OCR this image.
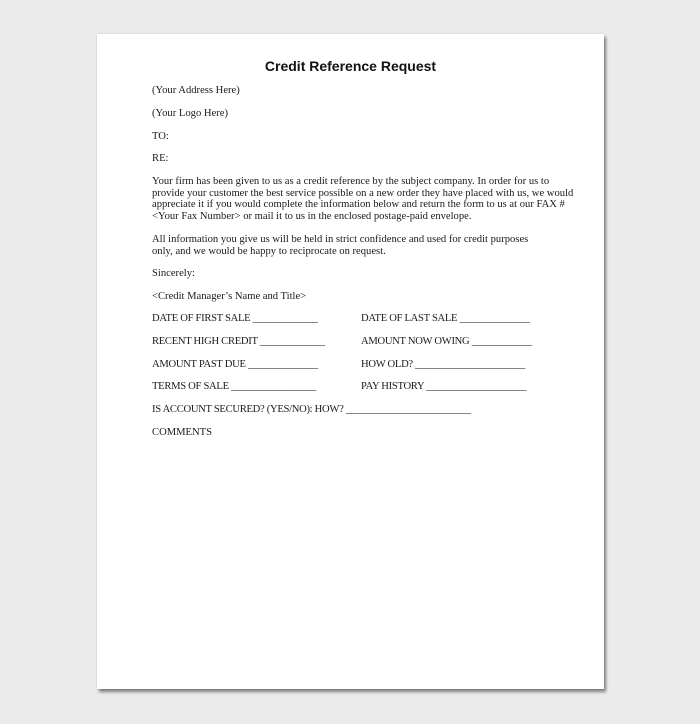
Credit Reference Request

(Your Address Here)

(Your Logo Here)

TO:

RE:

Your firm has been given to us as a credit reference by the subject company. In order for us to
provide your customer the best service possible on a new order they have placed with us, we would
appreciate it if you would complete the information below and return the form to us at our FAX #
<Your Fax Number> or mail it to us in the enclosed postage-paid envelope.
All information you give us will be held in strict confidence and used for credit purposes
only, and we would be happy to reciprocate on request.

Sincerely:

<Credit Manager’s Name and Title>

DATE OF FIRST SALE _____________	DATE OF LAST SALE ______________

RECENT HIGH CREDIT _____________	AMOUNT NOW OWING ____________

AMOUNT PAST DUE ______________	HOW OLD? ______________________

TERMS OF SALE _________________	PAY HISTORY ____________________

IS ACCOUNT SECURED? (YES/NO): HOW? _________________________

COMMENTS
